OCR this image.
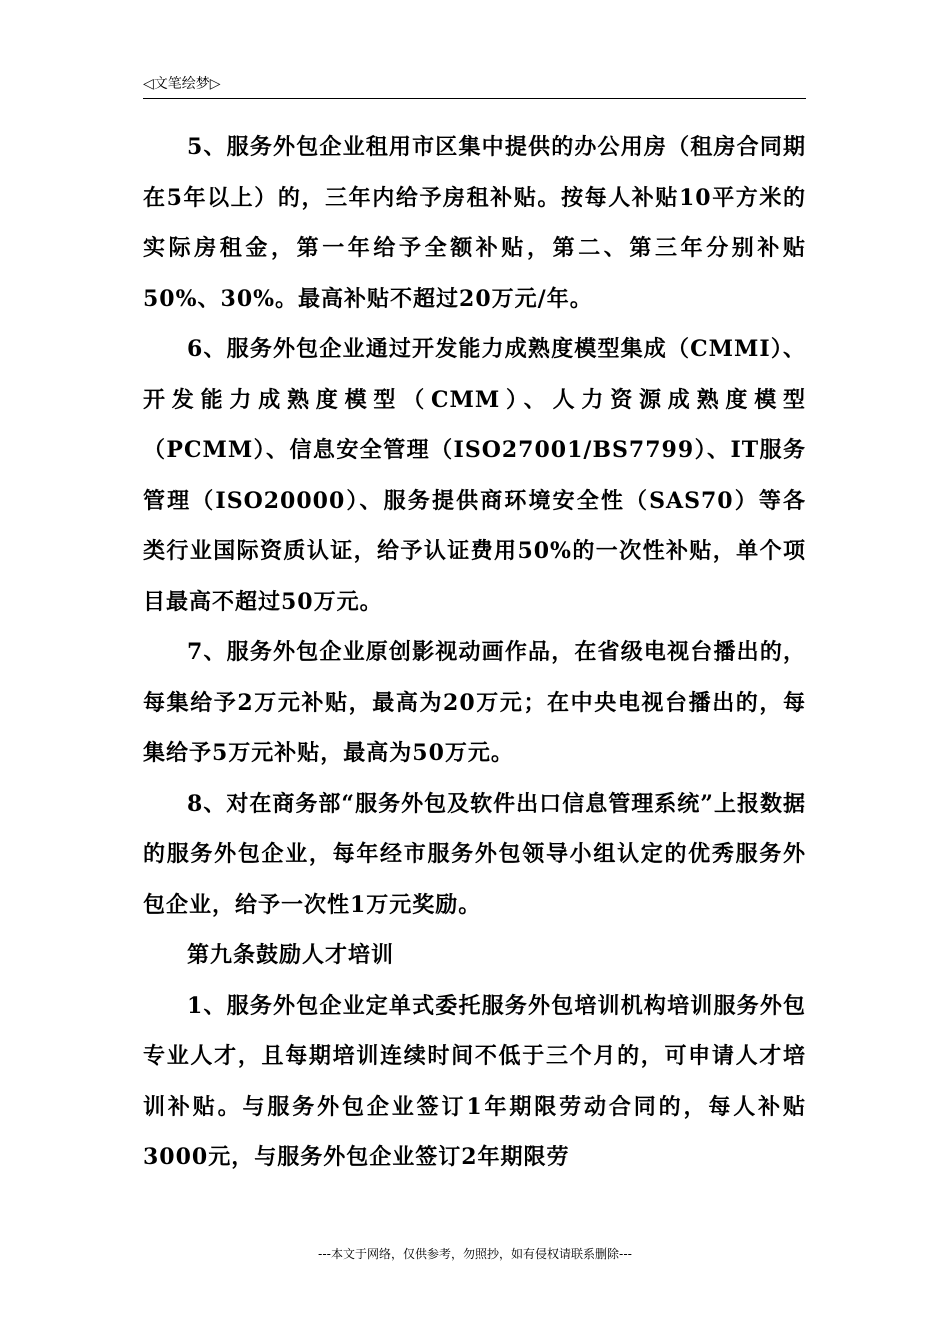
◁文笔绘梦▷

5、服务外包企业租用市区集中提供的办公用房（租房合同期在5年以上）的，三年内给予房租补贴。按每人补贴10平方米的实际房租金，第一年给予全额补贴，第二、第三年分别补贴50%、30%。最高补贴不超过20万元/年。

6、服务外包企业通过开发能力成熟度模型集成（CMMI）、开发能力成熟度模型（CMM）、人力资源成熟度模型（PCMM）、信息安全管理（ISO27001/BS7799）、IT服务管理（ISO20000）、服务提供商环境安全性（SAS70）等各类行业国际资质认证，给予认证费用50%的一次性补贴，单个项目最高不超过50万元。

7、服务外包企业原创影视动画作品，在省级电视台播出的，每集给予2万元补贴，最高为20万元；在中央电视台播出的，每集给予5万元补贴，最高为50万元。

8、对在商务部“服务外包及软件出口信息管理系统”上报数据的服务外包企业，每年经市服务外包领导小组认定的优秀服务外包企业，给予一次性1万元奖励。

第九条鼓励人才培训

1、服务外包企业定单式委托服务外包培训机构培训服务外包专业人才，且每期培训连续时间不低于三个月的，可申请人才培训补贴。与服务外包企业签订1年期限劳动合同的，每人补贴3000元，与服务外包企业签订2年期限劳

---本文于网络，仅供参考，勿照抄，如有侵权请联系删除---
